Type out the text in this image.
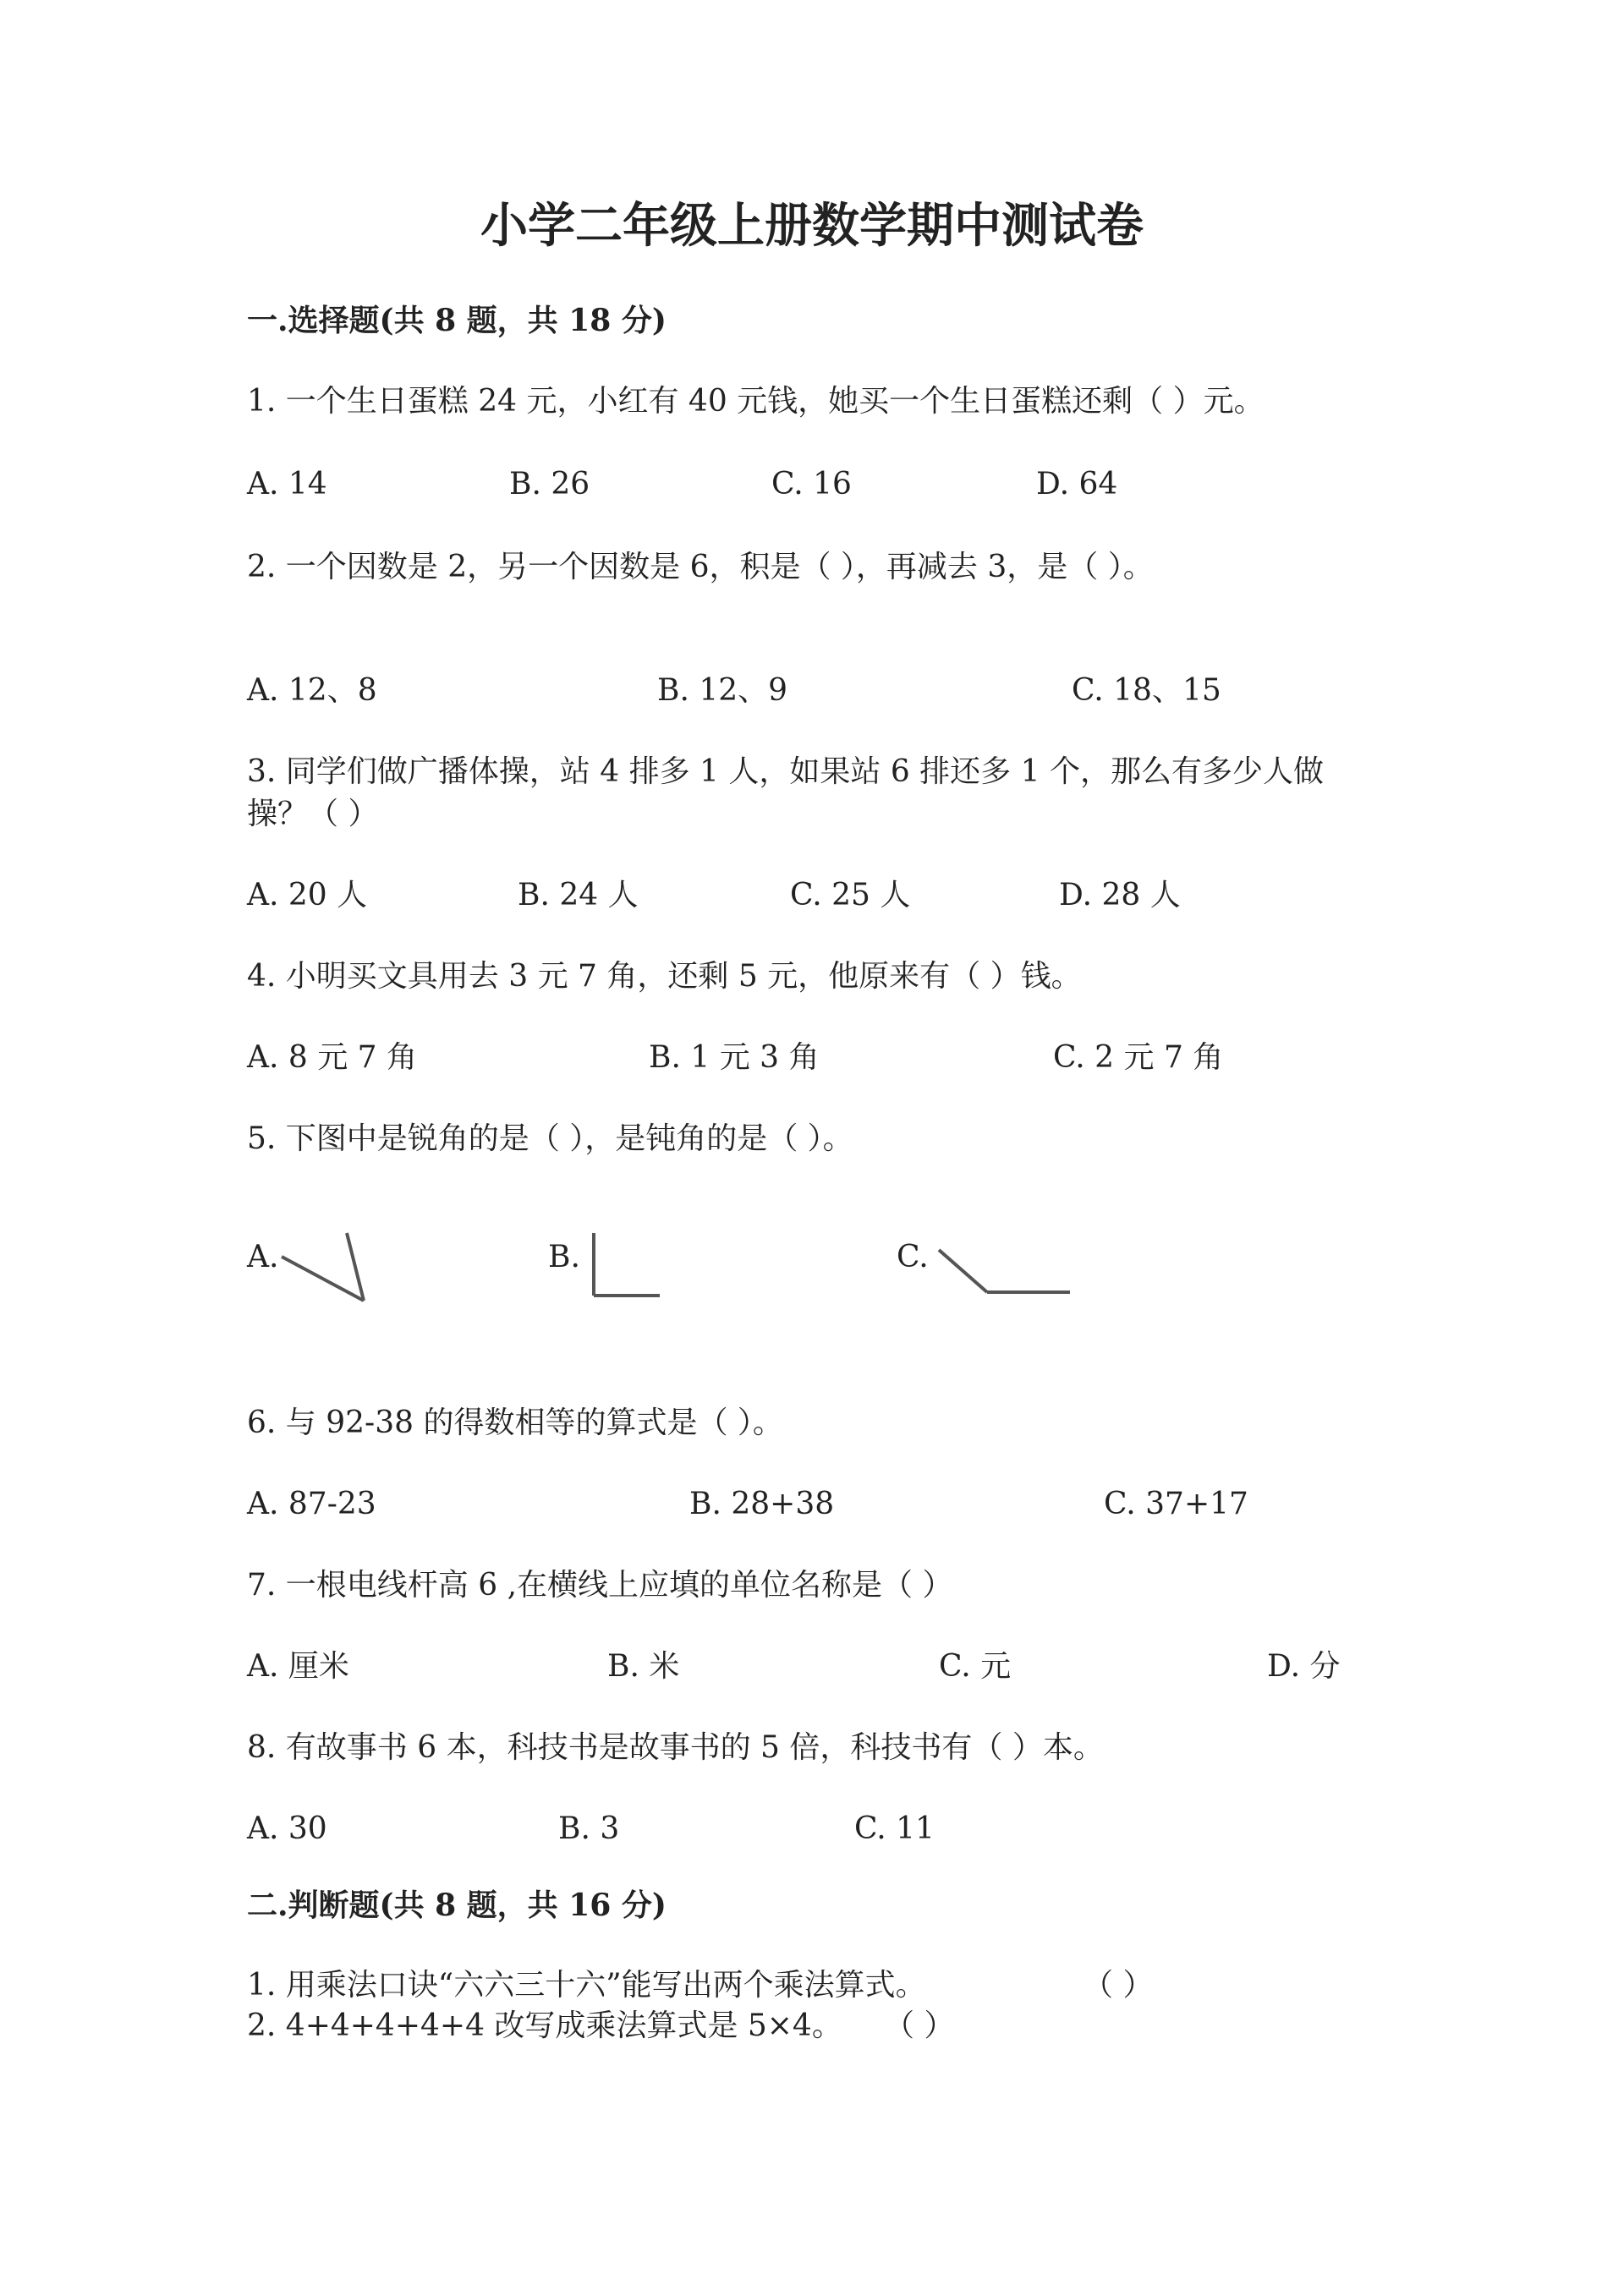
小学二年级上册数学期中测试卷
一.选择题(共 8 题，共 18 分)
1. 一个生日蛋糕 24 元，小红有 40 元钱，她买一个生日蛋糕还剩（ ）元。
A. 14	B. 26	C. 16	D. 64
2. 一个因数是 2，另一个因数是 6，积是（ ），再减去 3，是（ ）。
A. 12、8	B. 12、9	C. 18、15
3. 同学们做广播体操，站 4 排多 1 人，如果站 6 排还多 1 个，那么有多少人做
操？（ ）
A. 20 人	B. 24 人	C. 25 人	D. 28 人
4. 小明买文具用去 3 元 7 角，还剩 5 元，他原来有（ ）钱。
A. 8 元 7 角	B. 1 元 3 角	C. 2 元 7 角
5. 下图中是锐角的是（ ），是钝角的是（ ）。
A.	B.	C.
6. 与 92-38 的得数相等的算式是（ ）。
A. 87-23	B. 28+38	C. 37+17
7. 一根电线杆高 6 ,在横线上应填的单位名称是（ ）
A. 厘米	B. 米	C. 元	D. 分
8. 有故事书 6 本，科技书是故事书的 5 倍，科技书有（ ）本。
A. 30	B. 3	C. 11
二.判断题(共 8 题，共 16 分)
1. 用乘法口诀“六六三十六”能写出两个乘法算式。	（ ）
2. 4+4+4+4+4 改写成乘法算式是 5×4。 （ ）
